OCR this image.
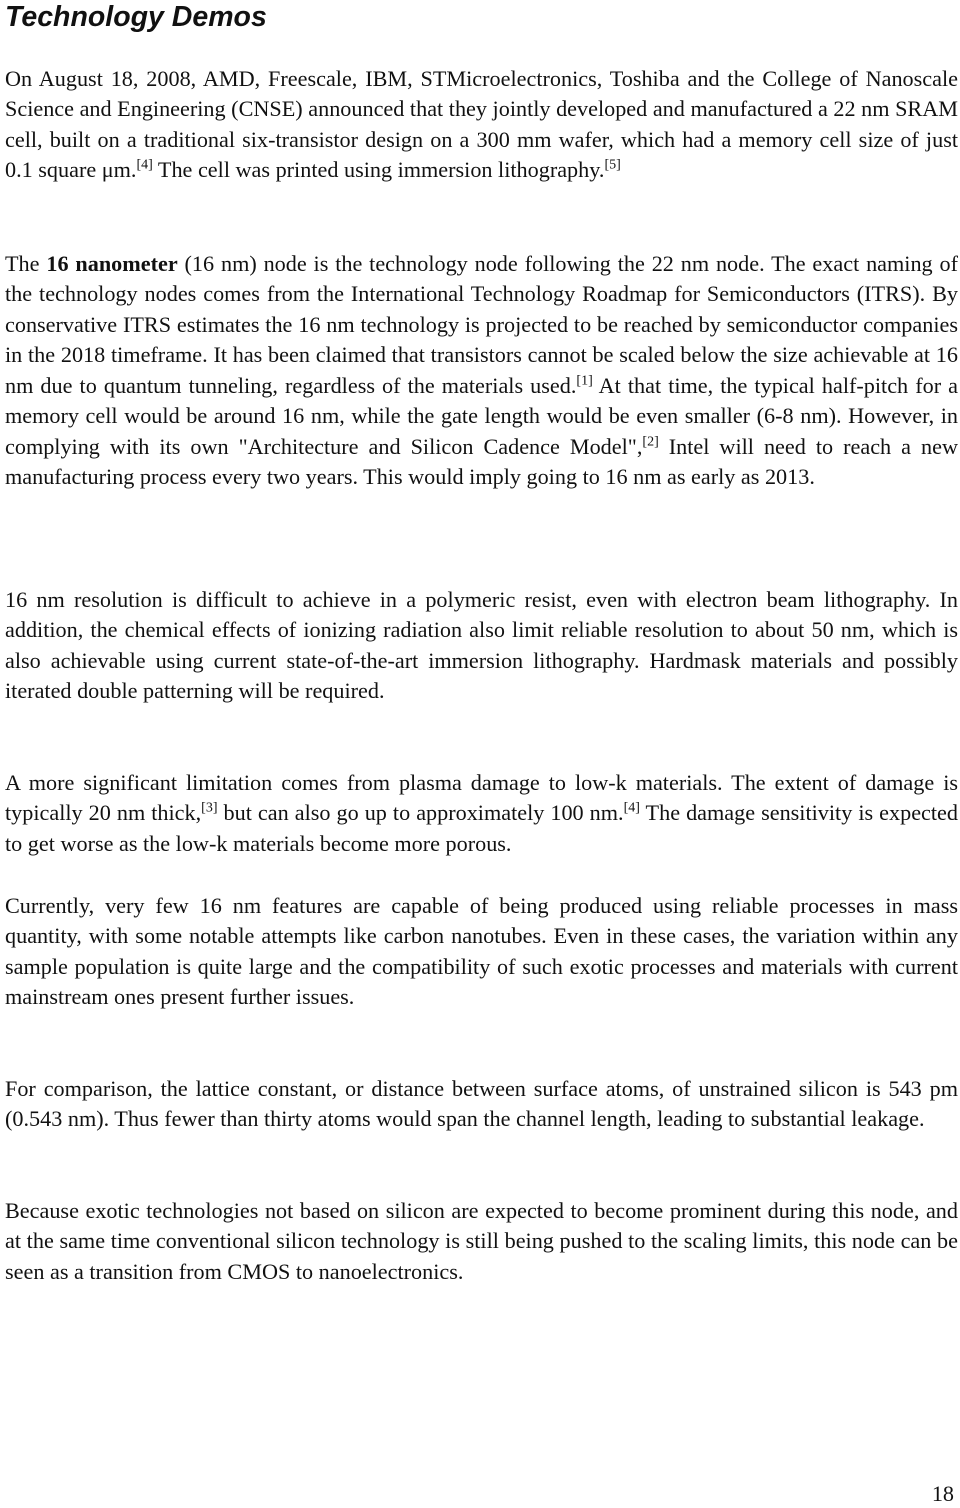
Technology Demos

On August 18, 2008, AMD, Freescale, IBM, STMicroelectronics, Toshiba and the College of Nanoscale Science and Engineering (CNSE) announced that they jointly developed and manufactured a 22 nm SRAM cell, built on a traditional six-transistor design on a 300 mm wafer, which had a memory cell size of just 0.1 square μm.[4] The cell was printed using immersion lithography.[5]

The 16 nanometer (16 nm) node is the technology node following the 22 nm node. The exact naming of the technology nodes comes from the International Technology Roadmap for Semiconductors (ITRS). By conservative ITRS estimates the 16 nm technology is projected to be reached by semiconductor companies in the 2018 timeframe. It has been claimed that transistors cannot be scaled below the size achievable at 16 nm due to quantum tunneling, regardless of the materials used.[1] At that time, the typical half-pitch for a memory cell would be around 16 nm, while the gate length would be even smaller (6-8 nm). However, in complying with its own "Architecture and Silicon Cadence Model",[2] Intel will need to reach a new manufacturing process every two years. This would imply going to 16 nm as early as 2013.

16 nm resolution is difficult to achieve in a polymeric resist, even with electron beam lithography. In addition, the chemical effects of ionizing radiation also limit reliable resolution to about 50 nm, which is also achievable using current state-of-the-art immersion lithography. Hardmask materials and possibly iterated double patterning will be required.

A more significant limitation comes from plasma damage to low-k materials. The extent of damage is typically 20 nm thick,[3] but can also go up to approximately 100 nm.[4] The damage sensitivity is expected to get worse as the low-k materials become more porous.

Currently, very few 16 nm features are capable of being produced using reliable processes in mass quantity, with some notable attempts like carbon nanotubes. Even in these cases, the variation within any sample population is quite large and the compatibility of such exotic processes and materials with current mainstream ones present further issues.

For comparison, the lattice constant, or distance between surface atoms, of unstrained silicon is 543 pm (0.543 nm). Thus fewer than thirty atoms would span the channel length, leading to substantial leakage.

Because exotic technologies not based on silicon are expected to become prominent during this node, and at the same time conventional silicon technology is still being pushed to the scaling limits, this node can be seen as a transition from CMOS to nanoelectronics.

18
